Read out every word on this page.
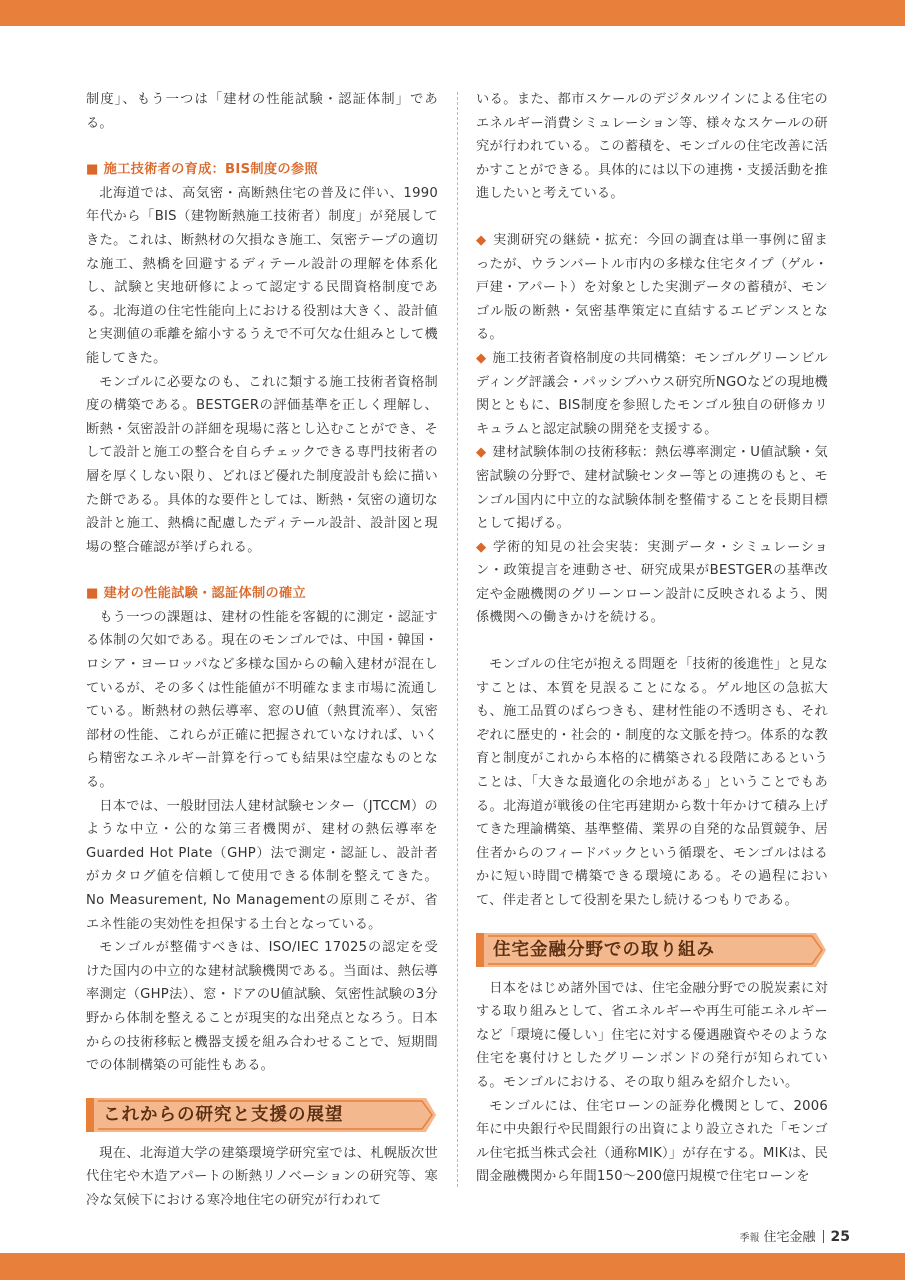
制度」、もう一つは「建材の性能試験・認証体制」である。

■ 施工技術者の育成：BIS制度の参照

北海道では、高気密・高断熱住宅の普及に伴い、1990年代から「BIS（建物断熱施工技術者）制度」が発展してきた。これは、断熱材の欠損なき施工、気密テープの適切な施工、熱橋を回避するディテール設計の理解を体系化し、試験と実地研修によって認定する民間資格制度である。北海道の住宅性能向上における役割は大きく、設計値と実測値の乖離を縮小するうえで不可欠な仕組みとして機能してきた。

モンゴルに必要なのも、これに類する施工技術者資格制度の構築である。BESTGERの評価基準を正しく理解し、断熱・気密設計の詳細を現場に落とし込むことができ、そして設計と施工の整合を自らチェックできる専門技術者の層を厚くしない限り、どれほど優れた制度設計も絵に描いた餅である。具体的な要件としては、断熱・気密の適切な設計と施工、熱橋に配慮したディテール設計、設計図と現場の整合確認が挙げられる。

■ 建材の性能試験・認証体制の確立

もう一つの課題は、建材の性能を客観的に測定・認証する体制の欠如である。現在のモンゴルでは、中国・韓国・ロシア・ヨーロッパなど多様な国からの輸入建材が混在しているが、その多くは性能値が不明確なまま市場に流通している。断熱材の熱伝導率、窓のU値（熱貫流率）、気密部材の性能、これらが正確に把握されていなければ、いくら精密なエネルギー計算を行っても結果は空虚なものとなる。

日本では、一般財団法人建材試験センター（JTCCM）のような中立・公的な第三者機関が、建材の熱伝導率をGuarded Hot Plate（GHP）法で測定・認証し、設計者がカタログ値を信頼して使用できる体制を整えてきた。No Measurement, No Managementの原則こそが、省エネ性能の実効性を担保する土台となっている。

モンゴルが整備すべきは、ISO/IEC 17025の認定を受けた国内の中立的な建材試験機関である。当面は、熱伝導率測定（GHP法）、窓・ドアのU値試験、気密性試験の3分野から体制を整えることが現実的な出発点となろう。日本からの技術移転と機器支援を組み合わせることで、短期間での体制構築の可能性もある。

これからの研究と支援の展望

現在、北海道大学の建築環境学研究室では、札幌版次世代住宅や木造アパートの断熱リノベーションの研究等、寒冷な気候下における寒冷地住宅の研究が行われて

いる。また、都市スケールのデジタルツインによる住宅のエネルギー消費シミュレーション等、様々なスケールの研究が行われている。この蓄積を、モンゴルの住宅改善に活かすことができる。具体的には以下の連携・支援活動を推進したいと考えている。

◆ 実測研究の継続・拡充：今回の調査は単一事例に留まったが、ウランバートル市内の多様な住宅タイプ（ゲル・戸建・アパート）を対象とした実測データの蓄積が、モンゴル版の断熱・気密基準策定に直結するエビデンスとなる。

◆ 施工技術者資格制度の共同構築：モンゴルグリーンビルディング評議会・パッシブハウス研究所NGOなどの現地機関とともに、BIS制度を参照したモンゴル独自の研修カリキュラムと認定試験の開発を支援する。

◆ 建材試験体制の技術移転：熱伝導率測定・U値試験・気密試験の分野で、建材試験センター等との連携のもと、モンゴル国内に中立的な試験体制を整備することを長期目標として掲げる。

◆ 学術的知見の社会実装：実測データ・シミュレーション・政策提言を連動させ、研究成果がBESTGERの基準改定や金融機関のグリーンローン設計に反映されるよう、関係機関への働きかけを続ける。

モンゴルの住宅が抱える問題を「技術的後進性」と見なすことは、本質を見誤ることになる。ゲル地区の急拡大も、施工品質のばらつきも、建材性能の不透明さも、それぞれに歴史的・社会的・制度的な文脈を持つ。体系的な教育と制度がこれから本格的に構築される段階にあるということは、「大きな最適化の余地がある」ということでもある。北海道が戦後の住宅再建期から数十年かけて積み上げてきた理論構築、基準整備、業界の自発的な品質競争、居住者からのフィードバックという循環を、モンゴルははるかに短い時間で構築できる環境にある。その過程において、伴走者として役割を果たし続けるつもりである。

住宅金融分野での取り組み

日本をはじめ諸外国では、住宅金融分野での脱炭素に対する取り組みとして、省エネルギーや再生可能エネルギーなど「環境に優しい」住宅に対する優遇融資やそのような住宅を裏付けとしたグリーンボンドの発行が知られている。モンゴルにおける、その取り組みを紹介したい。

モンゴルには、住宅ローンの証券化機関として、2006年に中央銀行や民間銀行の出資により設立された「モンゴル住宅抵当株式会社（通称MIK）」が存在する。MIKは、民間金融機関から年間150～200億円規模で住宅ローンを

季報 住宅金融 25
